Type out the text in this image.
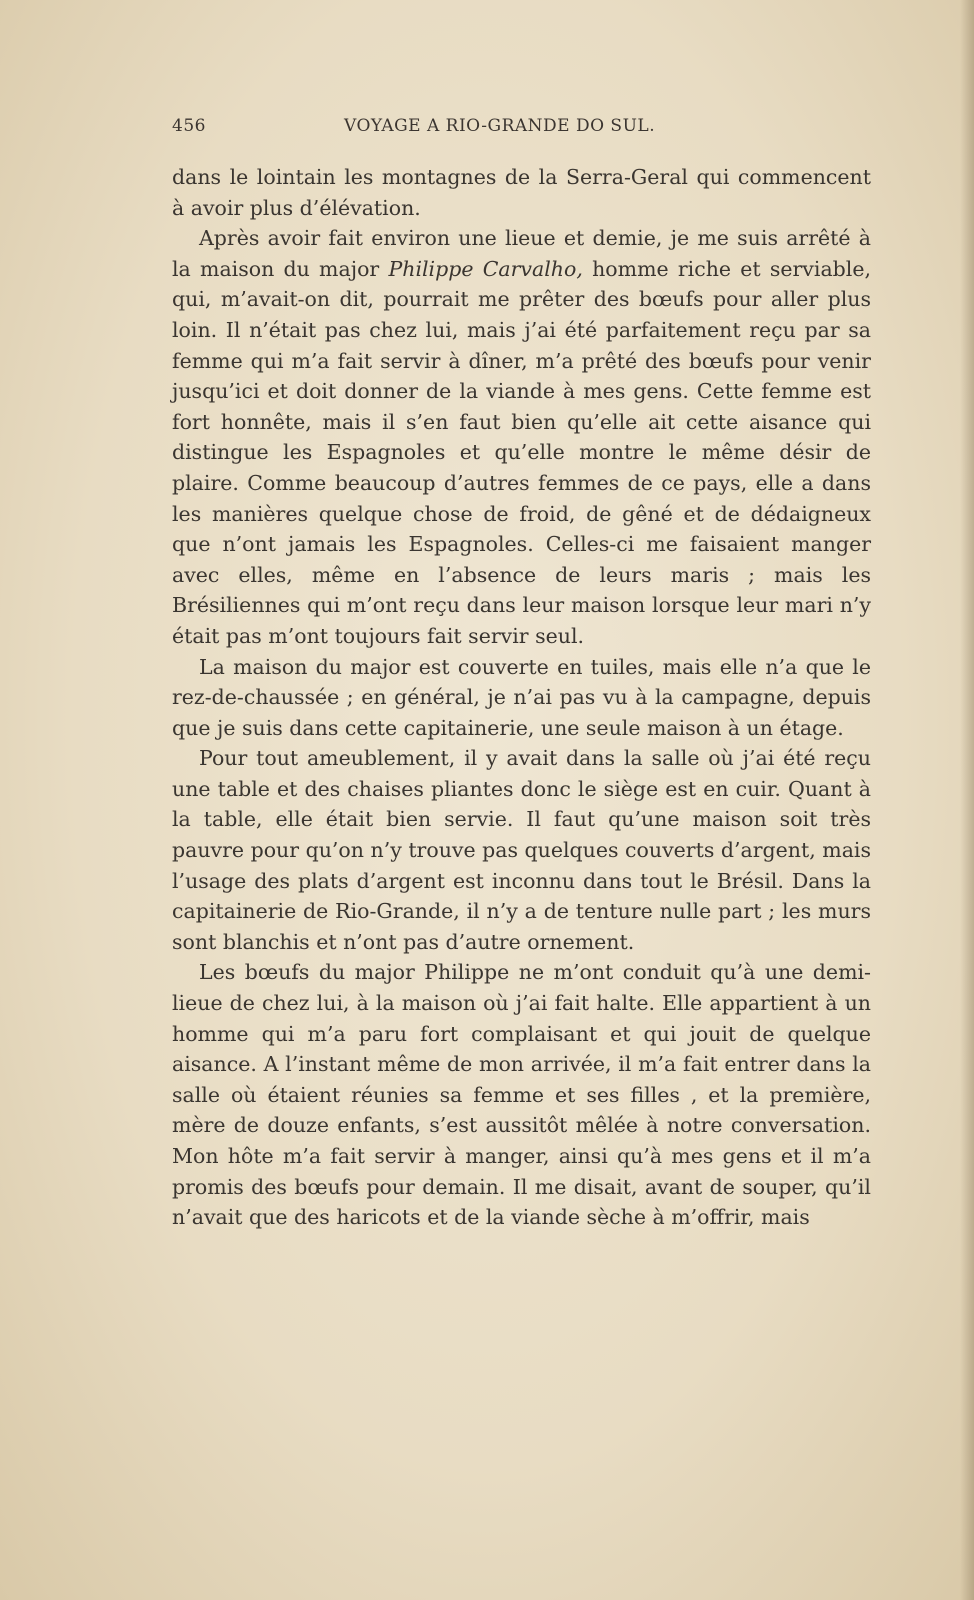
456	VOYAGE A RIO-GRANDE DO SUL.

dans le lointain les montagnes de la Serra-Geral qui commencent à avoir plus d’élévation.

Après avoir fait environ une lieue et demie, je me suis arrêté à la maison du major Philippe Carvalho, homme riche et serviable, qui, m’avait-on dit, pourrait me prêter des bœufs pour aller plus loin. Il n’était pas chez lui, mais j’ai été parfaitement reçu par sa femme qui m’a fait servir à dîner, m’a prêté des bœufs pour venir jusqu’ici et doit donner de la viande à mes gens. Cette femme est fort honnête, mais il s’en faut bien qu’elle ait cette aisance qui distingue les Espagnoles et qu’elle montre le même désir de plaire. Comme beaucoup d’autres femmes de ce pays, elle a dans les manières quelque chose de froid, de gêné et de dédaigneux que n’ont jamais les Espagnoles. Celles-ci me faisaient manger avec elles, même en l’absence de leurs maris ; mais les Brésiliennes qui m’ont reçu dans leur maison lorsque leur mari n’y était pas m’ont toujours fait servir seul.

La maison du major est couverte en tuiles, mais elle n’a que le rez-de-chaussée ; en général, je n’ai pas vu à la campagne, depuis que je suis dans cette capitainerie, une seule maison à un étage.

Pour tout ameublement, il y avait dans la salle où j’ai été reçu une table et des chaises pliantes donc le siège est en cuir. Quant à la table, elle était bien servie. Il faut qu’une maison soit très pauvre pour qu’on n’y trouve pas quelques couverts d’argent, mais l’usage des plats d’argent est inconnu dans tout le Brésil. Dans la capitainerie de Rio-Grande, il n’y a de tenture nulle part ; les murs sont blanchis et n’ont pas d’autre ornement.

Les bœufs du major Philippe ne m’ont conduit qu’à une demi-lieue de chez lui, à la maison où j’ai fait halte. Elle appartient à un homme qui m’a paru fort complaisant et qui jouit de quelque aisance. A l’instant même de mon arrivée, il m’a fait entrer dans la salle où étaient réunies sa femme et ses filles , et la première, mère de douze enfants, s’est aussitôt mêlée à notre conversation. Mon hôte m’a fait servir à manger, ainsi qu’à mes gens et il m’a promis des bœufs pour demain. Il me disait, avant de souper, qu’il n’avait que des haricots et de la viande sèche à m’offrir, mais
